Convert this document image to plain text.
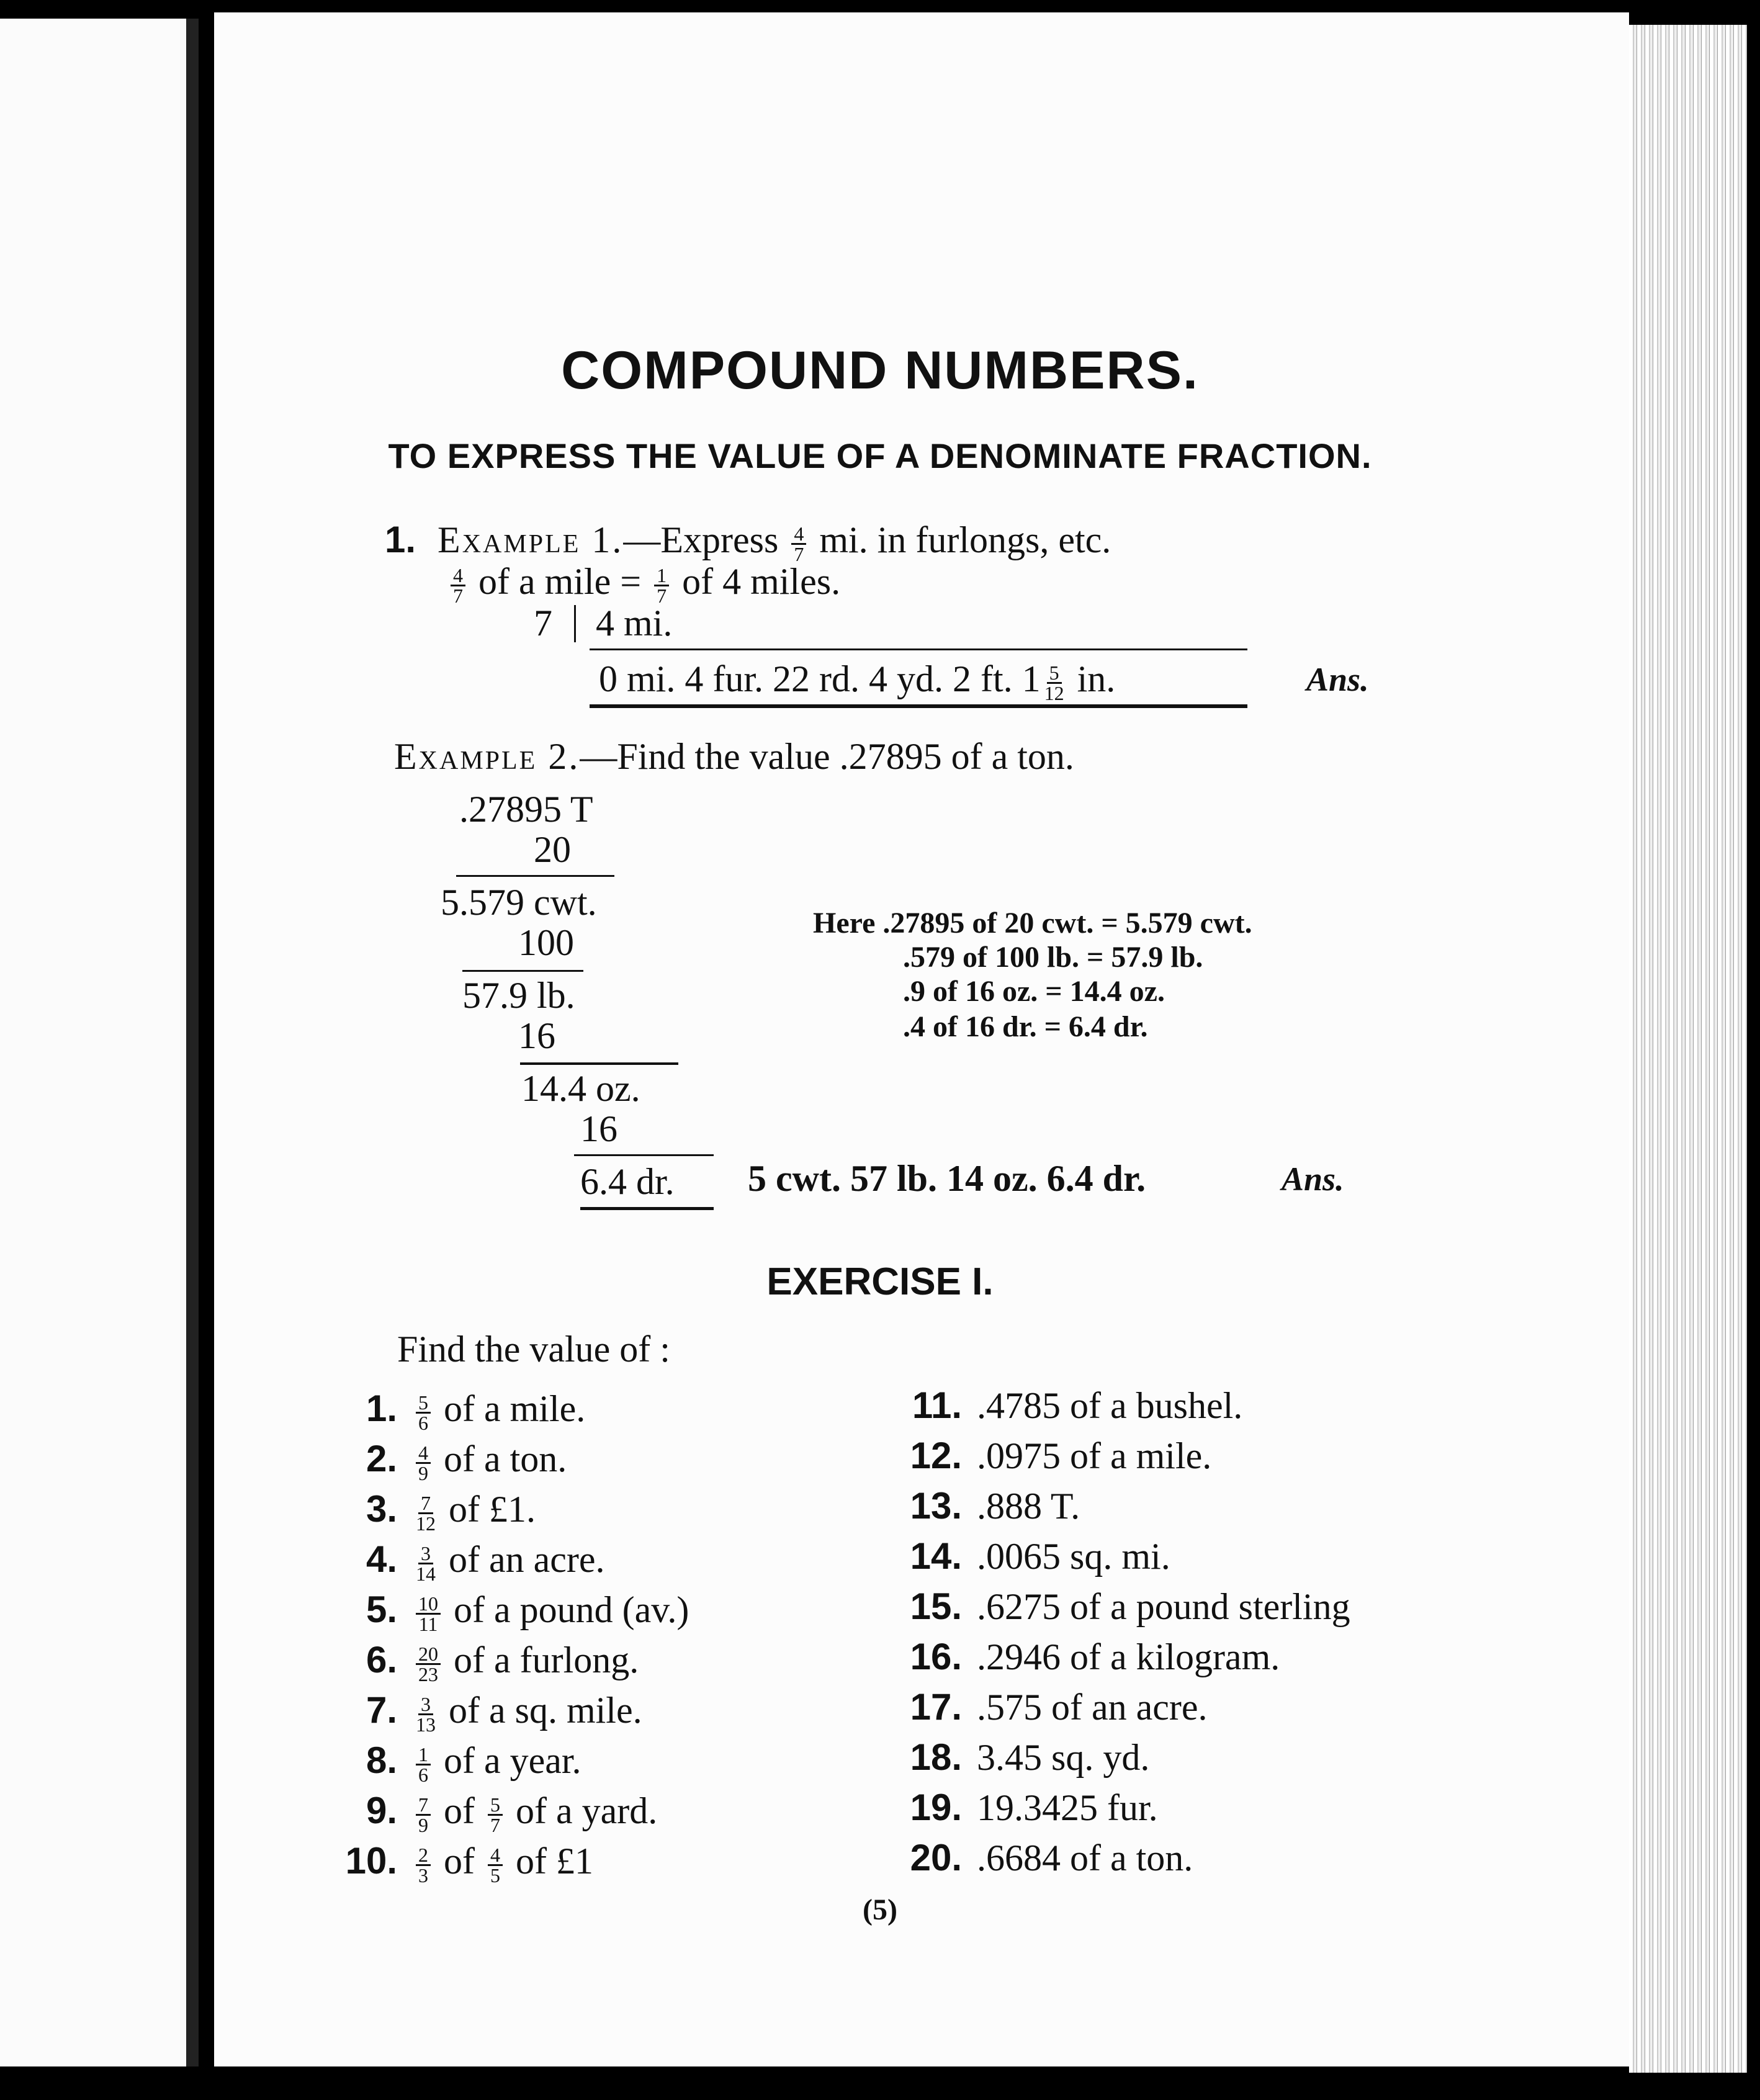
COMPOUND NUMBERS.
TO EXPRESS THE VALUE OF A DENOMINATE FRACTION.
1. Example 1.—Express $\frac{4}{7}$ mi. in furlongs, etc.
$\frac{4}{7}$ of a mile = $\frac{1}{7}$ of 4 miles.
7 4 mi.
0 mi. 4 fur. 22 rd. 4 yd. 2 ft. $1 \frac{5}{12}$ in.	Ans.
Example 2.—Find the value .27895 of a ton.
.27895 T
20
5.579 cwt.
100
57.9 lb.
16
14.4 oz.
16
6.4 dr.
Here .27895 of 20 cwt. = 5.579 cwt.
.579 of 100 lb. = 57.9 lb.
.9 of 16 oz. = 14.4 oz.
.4 of 16 dr. = 6.4 dr.
5 cwt. 57 lb. 14 oz. 6.4 dr.	Ans.
EXERCISE I.
Find the value of :
1. $\frac{5}{6}$ of a mile.
2. $\frac{4}{9}$ of a ton.
3. $\frac{7}{12}$ of £1.
4. $\frac{3}{14}$ of an acre.
5. $\frac{10}{11}$ of a pound (av.)
6. $\frac{20}{23}$ of a furlong.
7. $\frac{3}{13}$ of a sq. mile.
8. $\frac{1}{6}$ of a year.
9. $\frac{7}{9}$ of $\frac{5}{7}$ of a yard.
10. $\frac{2}{3}$ of $\frac{4}{5}$ of £1
11. .4785 of a bushel.
12. .0975 of a mile.
13. .888 T.
14. .0065 sq. mi.
15. .6275 of a pound sterling
16. .2946 of a kilogram.
17. .575 of an acre.
18. 3.45 sq. yd.
19. 19.3425 fur.
20. .6684 of a ton.
(5)
